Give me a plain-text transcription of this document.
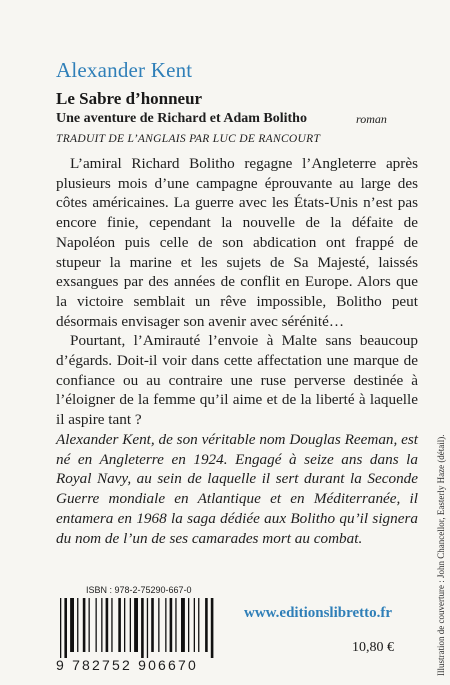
Alexander Kent
Le Sabre d’honneur
Une aventure de Richard et Adam Bolitho	roman
TRADUIT DE L’ANGLAIS PAR LUC DE RANCOURT

L’amiral Richard Bolitho regagne l’Angleterre après plusieurs mois d’une campagne éprouvante au large des côtes américaines. La guerre avec les États-Unis n’est pas encore finie, cependant la nouvelle de la défaite de Napoléon puis celle de son abdication ont frappé de stupeur la marine et les sujets de Sa Majesté, laissés exsangues par des années de conflit en Europe. Alors que la victoire semblait un rêve impossible, Bolitho peut désormais envisager son avenir avec sérénité…

Pourtant, l’Amirauté l’envoie à Malte sans beaucoup d’égards. Doit-il voir dans cette affectation une marque de confiance ou au contraire une ruse perverse destinée à l’éloigner de la femme qu’il aime et de la liberté à laquelle il aspire tant ?

Alexander Kent, de son véritable nom Douglas Reeman, est né en Angleterre en 1924. Engagé à seize ans dans la Royal Navy, au sein de laquelle il sert durant la Seconde Guerre mondiale en Atlantique et en Méditerranée, il entamera en 1968 la saga dédiée aux Bolitho qu’il signera du nom de l’un de ses camarades mort au combat.
ISBN : 978-2-75290-667-0
9 782752 906670
www.editionslibretto.fr
10,80 €	Illustration de couverture : John Chancellor, Easterly Haze (détail).
